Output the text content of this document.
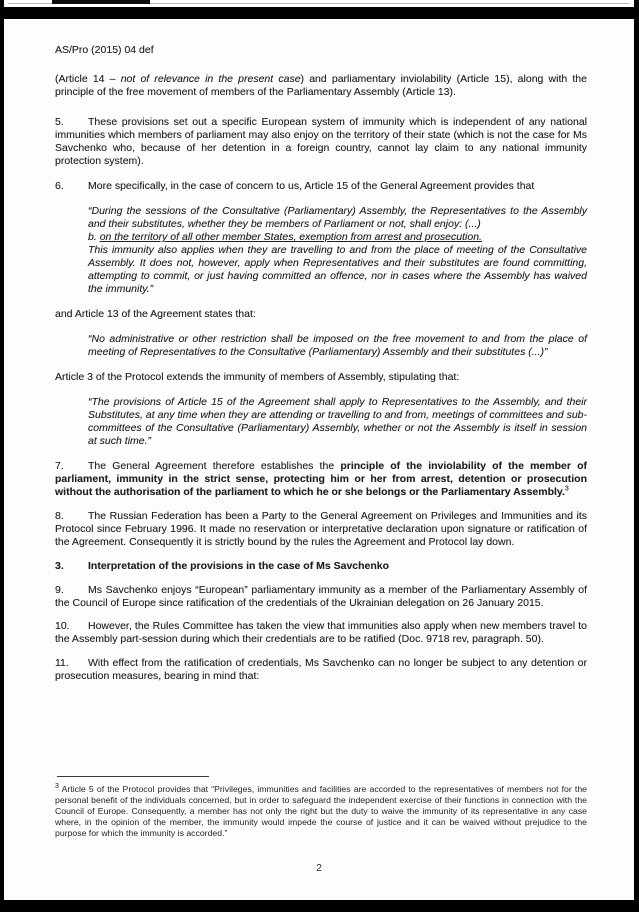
AS/Pro (2015) 04 def

(Article 14 – not of relevance in the present case) and parliamentary inviolability (Article 15), along with the principle of the free movement of members of the Parliamentary Assembly (Article 13).

5. These provisions set out a specific European system of immunity which is independent of any national immunities which members of parliament may also enjoy on the territory of their state (which is not the case for Ms Savchenko who, because of her detention in a foreign country, cannot lay claim to any national immunity protection system).

6. More specifically, in the case of concern to us, Article 15 of the General Agreement provides that

“During the sessions of the Consultative (Parliamentary) Assembly, the Representatives to the Assembly and their substitutes, whether they be members of Parliament or not, shall enjoy: (...)
b. on the territory of all other member States, exemption from arrest and prosecution.
This immunity also applies when they are travelling to and from the place of meeting of the Consultative Assembly. It does not, however, apply when Representatives and their substitutes are found committing, attempting to commit, or just having committed an offence, nor in cases where the Assembly has waived the immunity.”

and Article 13 of the Agreement states that:

“No administrative or other restriction shall be imposed on the free movement to and from the place of meeting of Representatives to the Consultative (Parliamentary) Assembly and their substitutes (...)”

Article 3 of the Protocol extends the immunity of members of Assembly, stipulating that:

“The provisions of Article 15 of the Agreement shall apply to Representatives to the Assembly, and their Substitutes, at any time when they are attending or travelling to and from, meetings of committees and sub-committees of the Consultative (Parliamentary) Assembly, whether or not the Assembly is itself in session at such time.”

7. The General Agreement therefore establishes the principle of the inviolability of the member of parliament, immunity in the strict sense, protecting him or her from arrest, detention or prosecution without the authorisation of the parliament to which he or she belongs or the Parliamentary Assembly.$^3$

8. The Russian Federation has been a Party to the General Agreement on Privileges and Immunities and its Protocol since February 1996. It made no reservation or interpretative declaration upon signature or ratification of the Agreement. Consequently it is strictly bound by the rules the Agreement and Protocol lay down.

3. Interpretation of the provisions in the case of Ms Savchenko

9. Ms Savchenko enjoys “European” parliamentary immunity as a member of the Parliamentary Assembly of the Council of Europe since ratification of the credentials of the Ukrainian delegation on 26 January 2015.

10. However, the Rules Committee has taken the view that immunities also apply when new members travel to the Assembly part-session during which their credentials are to be ratified (Doc. 9718 rev, paragraph. 50).

11. With effect from the ratification of credentials, Ms Savchenko can no longer be subject to any detention or prosecution measures, bearing in mind that:

$^3$ Article 5 of the Protocol provides that “Privileges, immunities and facilities are accorded to the representatives of members not for the personal benefit of the individuals concerned, but in order to safeguard the independent exercise of their functions in connection with the Council of Europe. Consequently, a member has not only the right but the duty to waive the immunity of its representative in any case where, in the opinion of the member, the immunity would impede the course of justice and it can be waived without prejudice to the purpose for which the immunity is accorded.”

2
